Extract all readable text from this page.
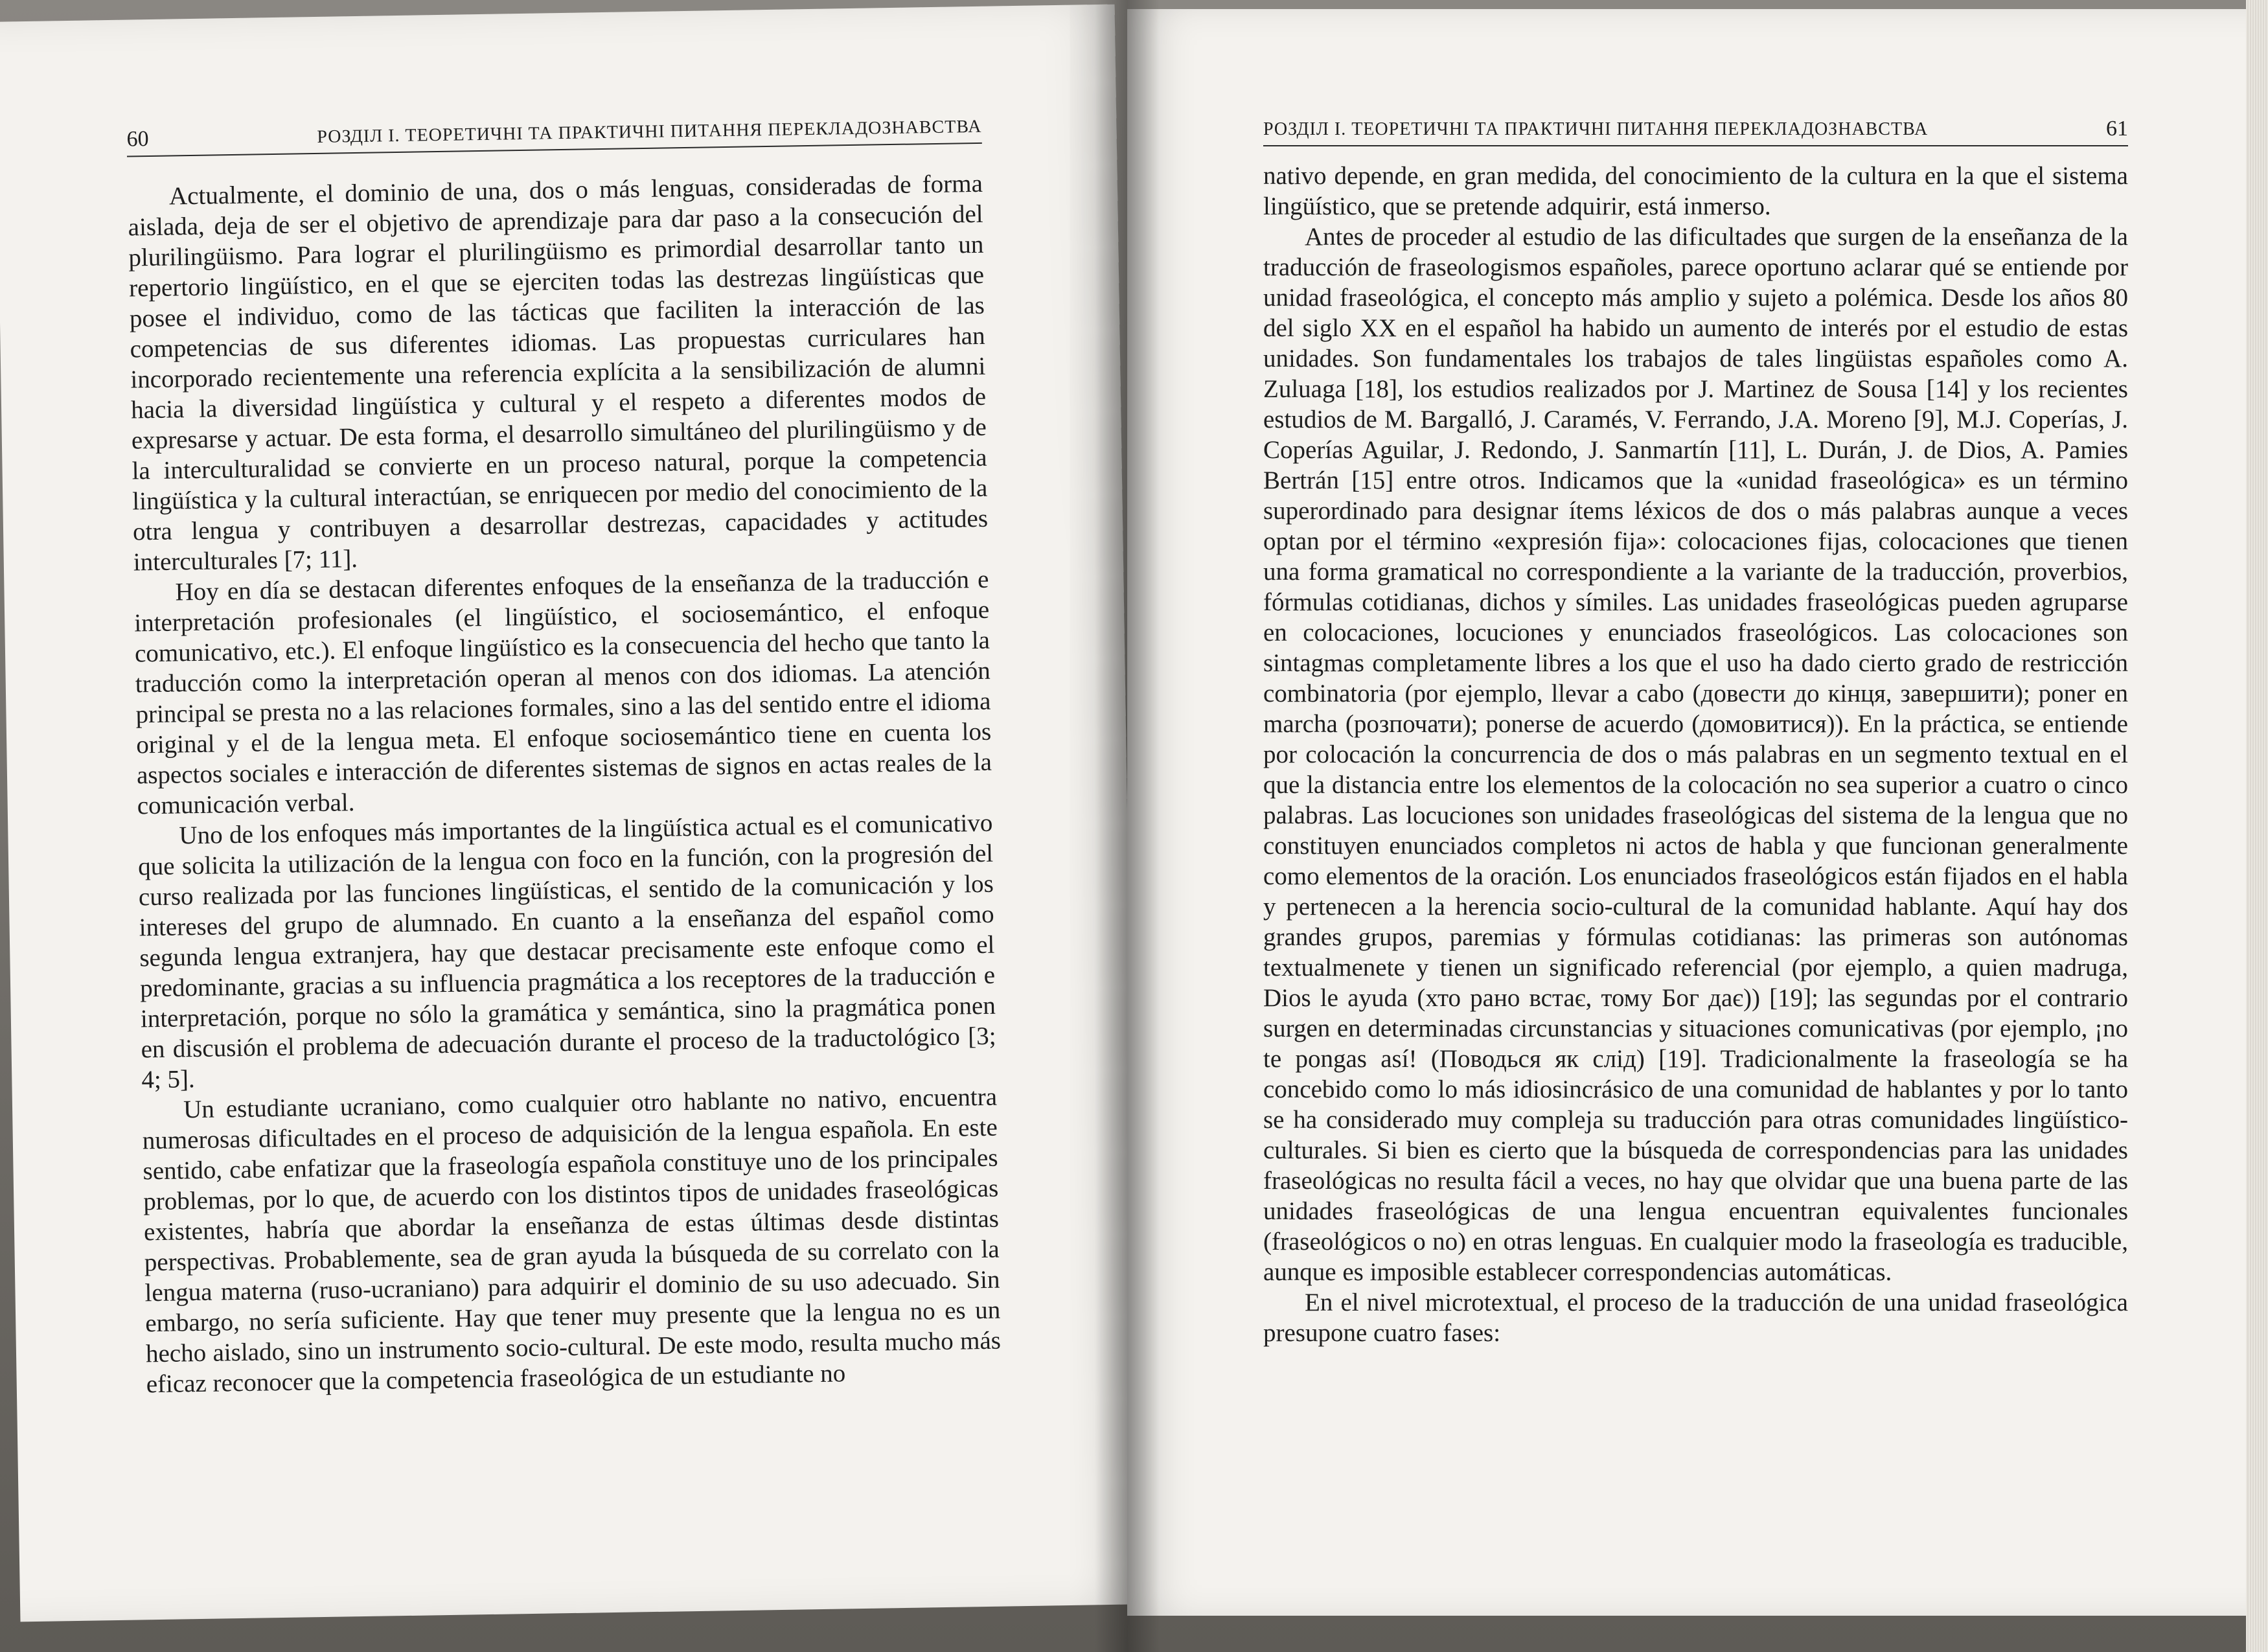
60	РОЗДІЛ І. ТЕОРЕТИЧНІ ТА ПРАКТИЧНІ ПИТАННЯ ПЕРЕКЛАДОЗНАВСТВА

Actualmente, el dominio de una, dos o más lenguas, consideradas de forma aislada, deja de ser el objetivo de aprendizaje para dar paso a la consecución del plurilingüismo. Para lograr el plurilingüismo es primordial desarrollar tanto un repertorio lingüístico, en el que se ejerciten todas las destrezas lingüísticas que posee el individuo, como de las tácticas que faciliten la interacción de las competencias de sus diferentes idiomas. Las propuestas curriculares han incorporado recientemente una referencia explícita a la sensibilización de alumni hacia la diversidad lingüística y cultural y el respeto a diferentes modos de expresarse y actuar. De esta forma, el desarrollo simultáneo del plurilingüismo y de la interculturalidad se convierte en un proceso natural, porque la competencia lingüística y la cultural interactúan, se enriquecen por medio del conocimiento de la otra lengua y contribuyen a desarrollar destrezas, capacidades y actitudes interculturales [7; 11].

Hoy en día se destacan diferentes enfoques de la enseñanza de la traducción e interpretación profesionales (el lingüístico, el sociosemántico, el enfoque comunicativo, etc.). El enfoque lingüístico es la consecuencia del hecho que tanto la traducción como la interpretación operan al menos con dos idiomas. La atención principal se presta no a las relaciones formales, sino a las del sentido entre el idioma original y el de la lengua meta. El enfoque sociosemántico tiene en cuenta los aspectos sociales e interacción de diferentes sistemas de signos en actas reales de la comunicación verbal.

Uno de los enfoques más importantes de la lingüística actual es el comunicativo que solicita la utilización de la lengua con foco en la función, con la progresión del curso realizada por las funciones lingüísticas, el sentido de la comunicación y los intereses del grupo de alumnado. En cuanto a la enseñanza del español como segunda lengua extranjera, hay que destacar precisamente este enfoque como el predominante, gracias a su influencia pragmática a los receptores de la traducción e interpretación, porque no sólo la gramática y semántica, sino la pragmática ponen en discusión el problema de adecuación durante el proceso de la traductológico [3; 4; 5].

Un estudiante ucraniano, como cualquier otro hablante no nativo, encuentra numerosas dificultades en el proceso de adquisición de la lengua española. En este sentido, cabe enfatizar que la fraseología española constituye uno de los principales problemas, por lo que, de acuerdo con los distintos tipos de unidades fraseológicas existentes, habría que abordar la enseñanza de estas últimas desde distintas perspectivas. Probablemente, sea de gran ayuda la búsqueda de su correlato con la lengua materna (ruso-ucraniano) para adquirir el dominio de su uso adecuado. Sin embargo, no sería suficiente. Hay que tener muy presente que la lengua no es un hecho aislado, sino un instrumento socio-cultural. De este modo, resulta mucho más eficaz reconocer que la competencia fraseológica de un estudiante no

РОЗДІЛ І. ТЕОРЕТИЧНІ ТА ПРАКТИЧНІ ПИТАННЯ ПЕРЕКЛАДОЗНАВСТВА	61

nativo depende, en gran medida, del conocimiento de la cultura en la que el sistema lingüístico, que se pretende adquirir, está inmerso.

Antes de proceder al estudio de las dificultades que surgen de la enseñanza de la traducción de fraseologismos españoles, parece oportuno aclarar qué se entiende por unidad fraseológica, el concepto más amplio y sujeto a polémica. Desde los años 80 del siglo XX en el español ha habido un aumento de interés por el estudio de estas unidades. Son fundamentales los trabajos de tales lingüistas españoles como A. Zuluaga [18], los estudios realizados por J. Martinez de Sousa [14] y los recientes estudios de M. Bargalló, J. Caramés, V. Ferrando, J.A. Moreno [9], M.J. Coperías, J. Coperías Aguilar, J. Redondo, J. Sanmartín [11], L. Durán, J. de Dios, A. Pamies Bertrán [15] entre otros. Indicamos que la «unidad fraseológica» es un término superordinado para designar ítems léxicos de dos o más palabras aunque a veces optan por el término «expresión fija»: colocaciones fijas, colocaciones que tienen una forma gramatical no correspondiente a la variante de la traducción, proverbios, fórmulas cotidianas, dichos y símiles. Las unidades fraseológicas pueden agruparse en colocaciones, locuciones y enunciados fraseológicos. Las colocaciones son sintagmas completamente libres a los que el uso ha dado cierto grado de restricción combinatoria (por ejemplo, llevar a cabo (довести до кінця, завершити); poner en marcha (розпочати); ponerse de acuerdo (домовитися)). En la práctica, se entiende por colocación la concurrencia de dos o más palabras en un segmento textual en el que la distancia entre los elementos de la colocación no sea superior a cuatro o cinco palabras. Las locuciones son unidades fraseológicas del sistema de la lengua que no constituyen enunciados completos ni actos de habla y que funcionan generalmente como elementos de la oración. Los enunciados fraseológicos están fijados en el habla y pertenecen a la herencia socio-cultural de la comunidad hablante. Aquí hay dos grandes grupos, paremias y fórmulas cotidianas: las primeras son autónomas textualmenete y tienen un significado referencial (por ejemplo, a quien madruga, Dios le ayuda (хто рано встає, тому Бог дає)) [19]; las segundas por el contrario surgen en determinadas circunstancias y situaciones comunicativas (por ejemplo, ¡no te pongas así! (Поводься як слід) [19]. Tradicionalmente la fraseología se ha concebido como lo más idiosincrásico de una comunidad de hablantes y por lo tanto se ha considerado muy compleja su traducción para otras comunidades lingüístico-culturales. Si bien es cierto que la búsqueda de correspondencias para las unidades fraseológicas no resulta fácil a veces, no hay que olvidar que una buena parte de las unidades fraseológicas de una lengua encuentran equivalentes funcionales (fraseológicos o no) en otras lenguas. En cualquier modo la fraseología es traducible, aunque es imposible establecer correspondencias automáticas.

En el nivel microtextual, el proceso de la traducción de una unidad fraseológica presupone cuatro fases:
